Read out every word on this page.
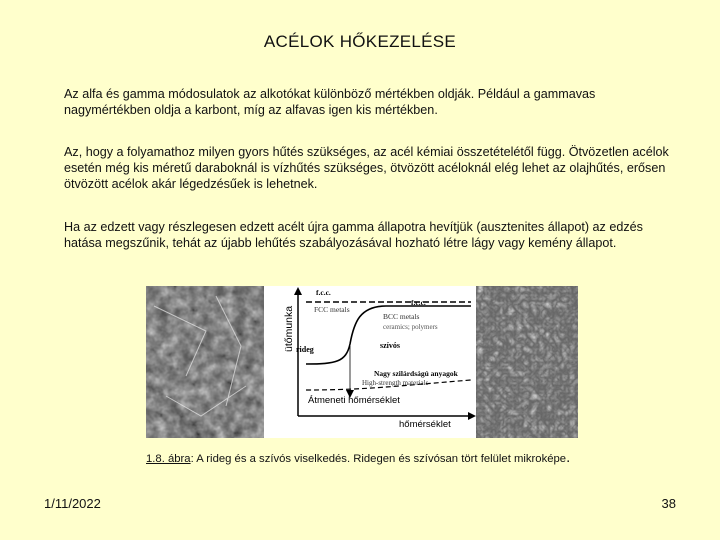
ACÉLOK HŐKEZELÉSE

Az alfa és gamma módosulatok az alkotókat különböző mértékben oldják. Például a gammavas nagymértékben oldja a karbont, míg az alfavas igen kis mértékben.

Az, hogy a folyamathoz milyen gyors hűtés szükséges, az acél kémiai összetételétől függ. Ötvözetlen acélok esetén még kis méretű daraboknál is vízhűtés szükséges, ötvözött acéloknál elég lehet az olajhűtés, erősen ötvözött acélok akár légedzésűek is lehetnek.

Ha az edzett vagy részlegesen edzett acélt újra gamma állapotra hevítjük (ausztenites állapot) az edzés hatása megszűnik, tehát az újabb lehűtés szabályozásával hozható létre lágy vagy kemény állapot.

ütőmunka
hőmérséklet
Átmeneti hőmérséklet
f.c.c.
FCC metals
f.c.c.
BCC metals
ceramics; polymers
rideg	szívós
Nagy szilárdságú anyagok
High-strength materials
1.8. ábra: A rideg és a szívós viselkedés. Ridegen és szívósan tört felület mikroképe.
1/11/2022	38
